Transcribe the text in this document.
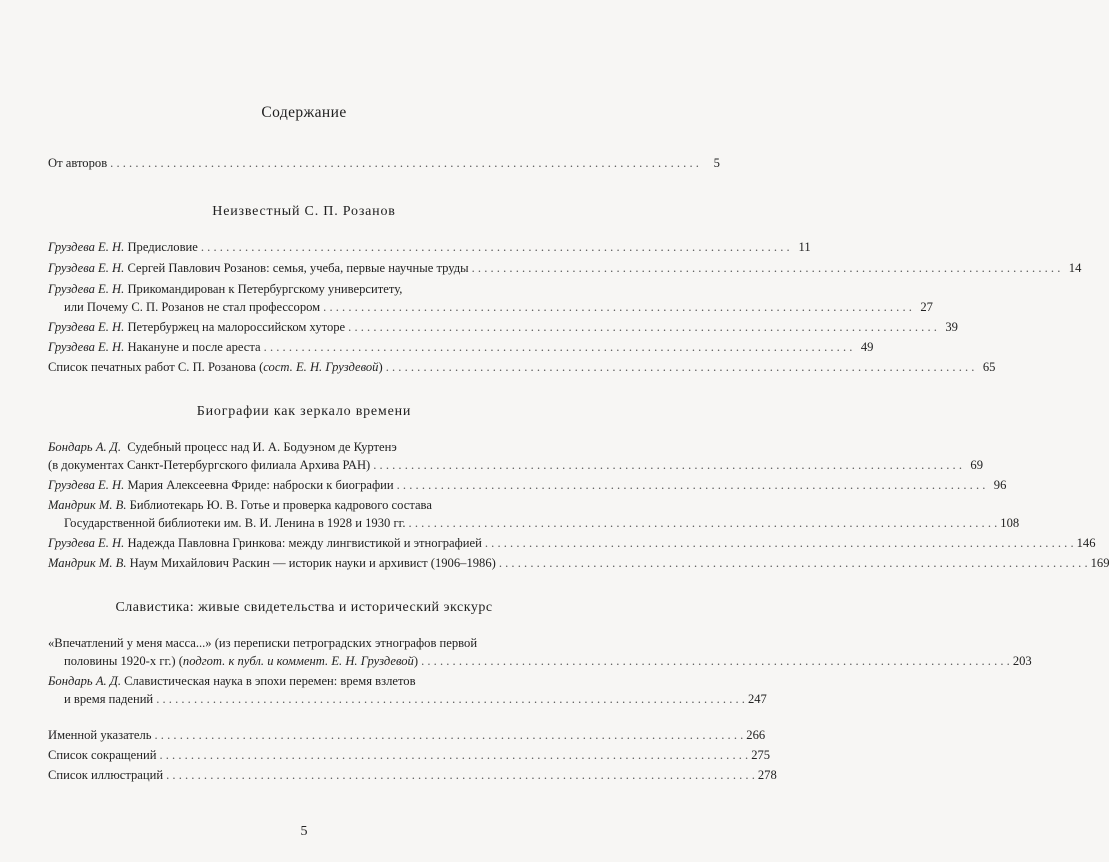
Содержание
От авторов . . .	5
Неизвестный С. П. Розанов
Груздева Е. Н. Предисловие . . .	11
Груздева Е. Н. Сергей Павлович Розанов: семья, учеба, первые научные труды . . .	14
Груздева Е. Н. Прикомандирован к Петербургскому университету,
или Почему С. П. Розанов не стал профессором . . .	27
Груздева Е. Н. Петербуржец на малороссийском хуторе . . .	39
Груздева Е. Н. Накануне и после ареста . . .	49
Список печатных работ С. П. Розанова (сост. Е. Н. Груздевой) . . .	65
Биографии как зеркало времени
Бондарь А. Д. Судебный процесс над И. А. Бодуэном де Куртенэ
(в документах Санкт-Петербургского филиала Архива РАН) . . .	69
Груздева Е. Н. Мария Алексеевна Фриде: наброски к биографии . . .	96
Мандрик М. В. Библиотекарь Ю. В. Готье и проверка кадрового состава
Государственной библиотеки им. В. И. Ленина в 1928 и 1930 гг. . . .	108
Груздева Е. Н. Надежда Павловна Гринкова: между лингвистикой и этнографией . . .	146
Мандрик М. В. Наум Михайлович Раскин — историк науки и архивист (1906–1986) . . .	169
Славистика: живые свидетельства и исторический экскурс
«Впечатлений у меня масса...» (из переписки петроградских этнографов первой
половины 1920-х гг.) (подгот. к публ. и коммент. Е. Н. Груздевой) . . .	203
Бондарь А. Д. Славистическая наука в эпохи перемен: время взлетов
и время падений . . .	247
Именной указатель . . .	266
Список сокращений . . .	275
Список иллюстраций . . .	278
5
